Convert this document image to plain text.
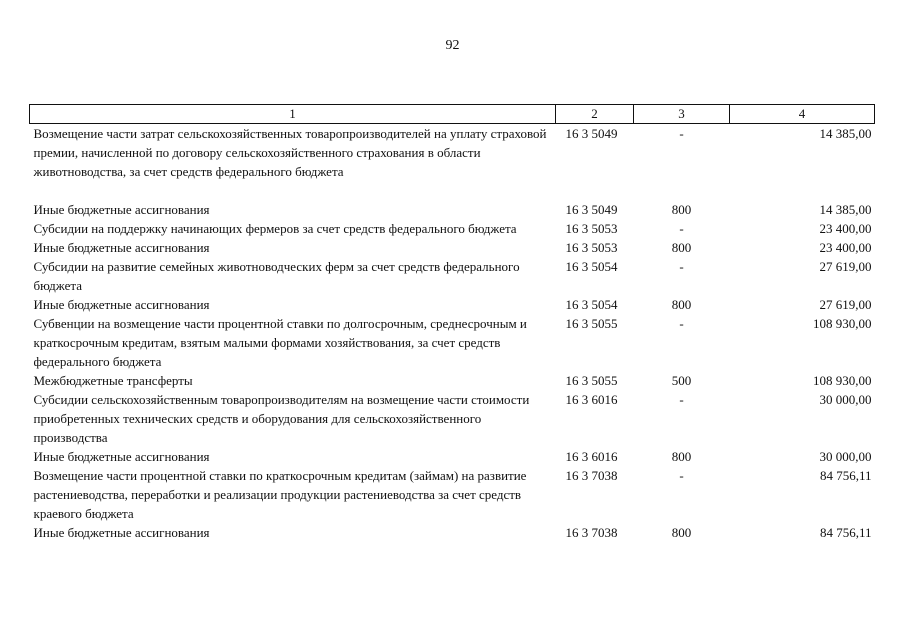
92
1	2	3	4
Возмещение части затрат сельскохозяйственных товаропроизводителей на уплату страховой премии, начисленной по договору сельскохозяйственного страхования в области животноводства, за счет средств федерального бюджета	16 3 5049	-	14 385,00
Иные бюджетные ассигнования	16 3 5049	800	14 385,00
Субсидии на поддержку начинающих фермеров за счет средств федерального бюджета	16 3 5053	-	23 400,00
Иные бюджетные ассигнования	16 3 5053	800	23 400,00
Субсидии на развитие семейных животноводческих ферм за счет средств федерального бюджета	16 3 5054	-	27 619,00
Иные бюджетные ассигнования	16 3 5054	800	27 619,00
Субвенции на возмещение части процентной ставки по долгосрочным, среднесрочным и краткосрочным кредитам, взятым малыми формами хозяйствования, за счет средств федерального бюджета	16 3 5055	-	108 930,00
Межбюджетные трансферты	16 3 5055	500	108 930,00
Субсидии сельскохозяйственным товаропроизводителям на возмещение части стоимости приобретенных технических средств и оборудования для сельскохозяйственного производства	16 3 6016	-	30 000,00
Иные бюджетные ассигнования	16 3 6016	800	30 000,00
Возмещение части процентной ставки по краткосрочным кредитам (займам) на развитие растениеводства, переработки и реализации продукции растениеводства за счет средств краевого бюджета	16 3 7038	-	84 756,11
Иные бюджетные ассигнования	16 3 7038	800	84 756,11
